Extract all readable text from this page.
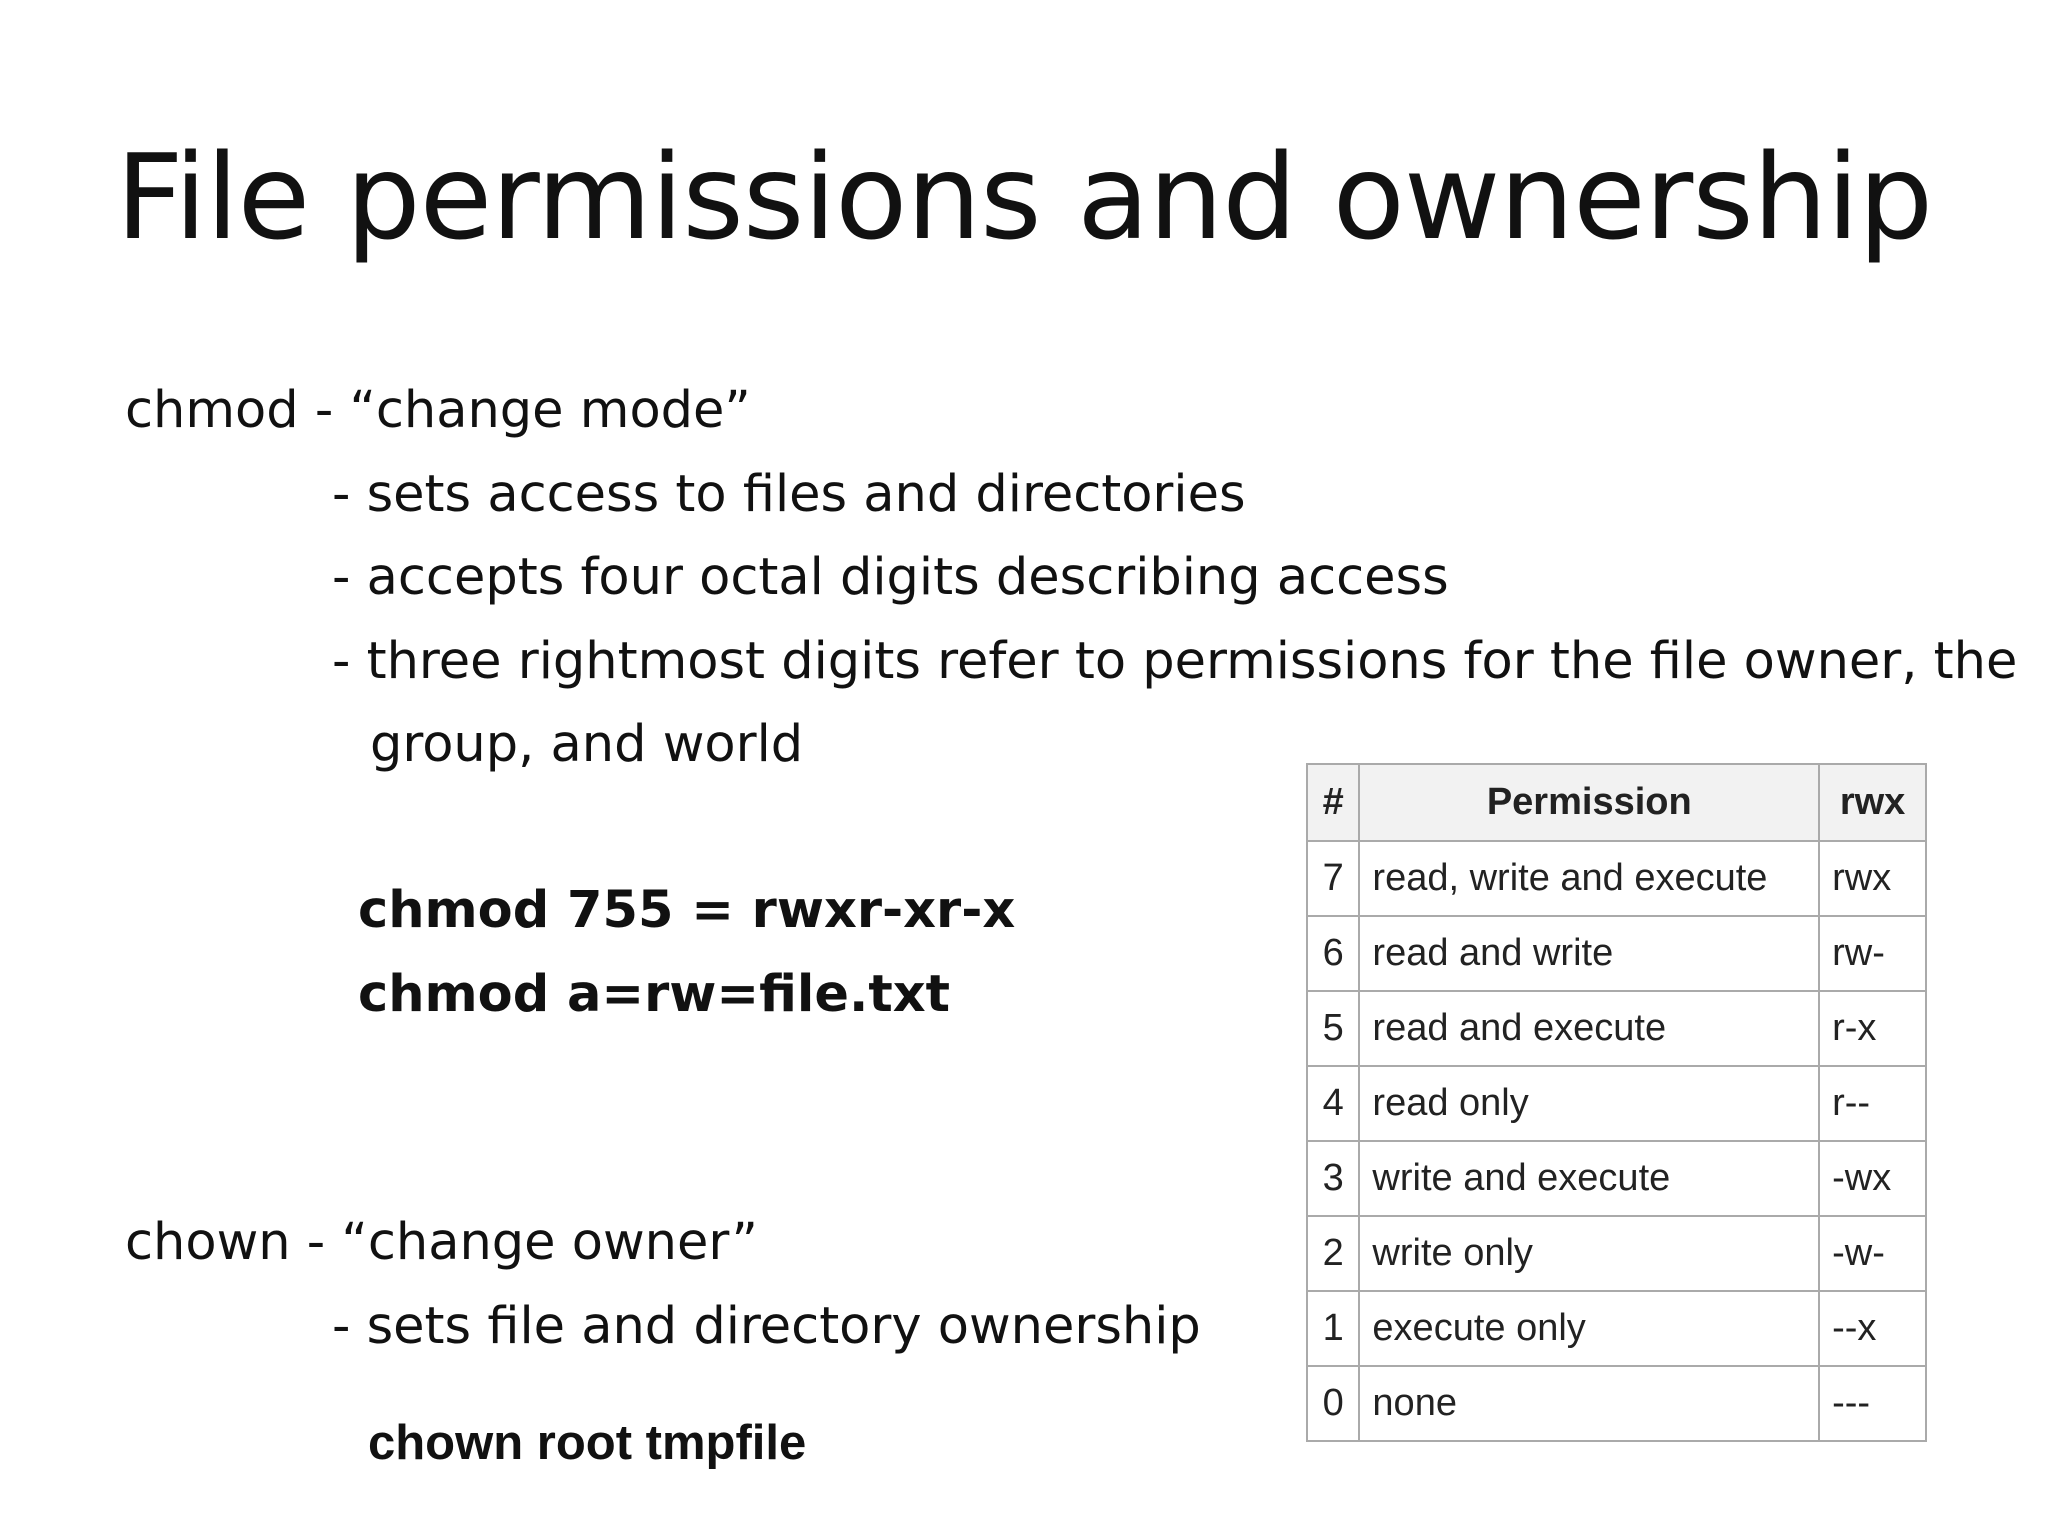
File permissions and ownership
chmod - “change mode”
- sets access to files and directories
- accepts four octal digits describing access
- three rightmost digits refer to permissions for the file owner, the
group, and world
chmod 755 = rwxr-xr-x
chmod a=rw=file.txt
chown - “change owner”
- sets file and directory ownership
chown root tmpfile
#	Permission	rwx
7	read, write and execute	rwx
6	read and write	rw-
5	read and execute	r-x
4	read only	r--
3	write and execute	-wx
2	write only	-w-
1	execute only	--x
0	none	---
